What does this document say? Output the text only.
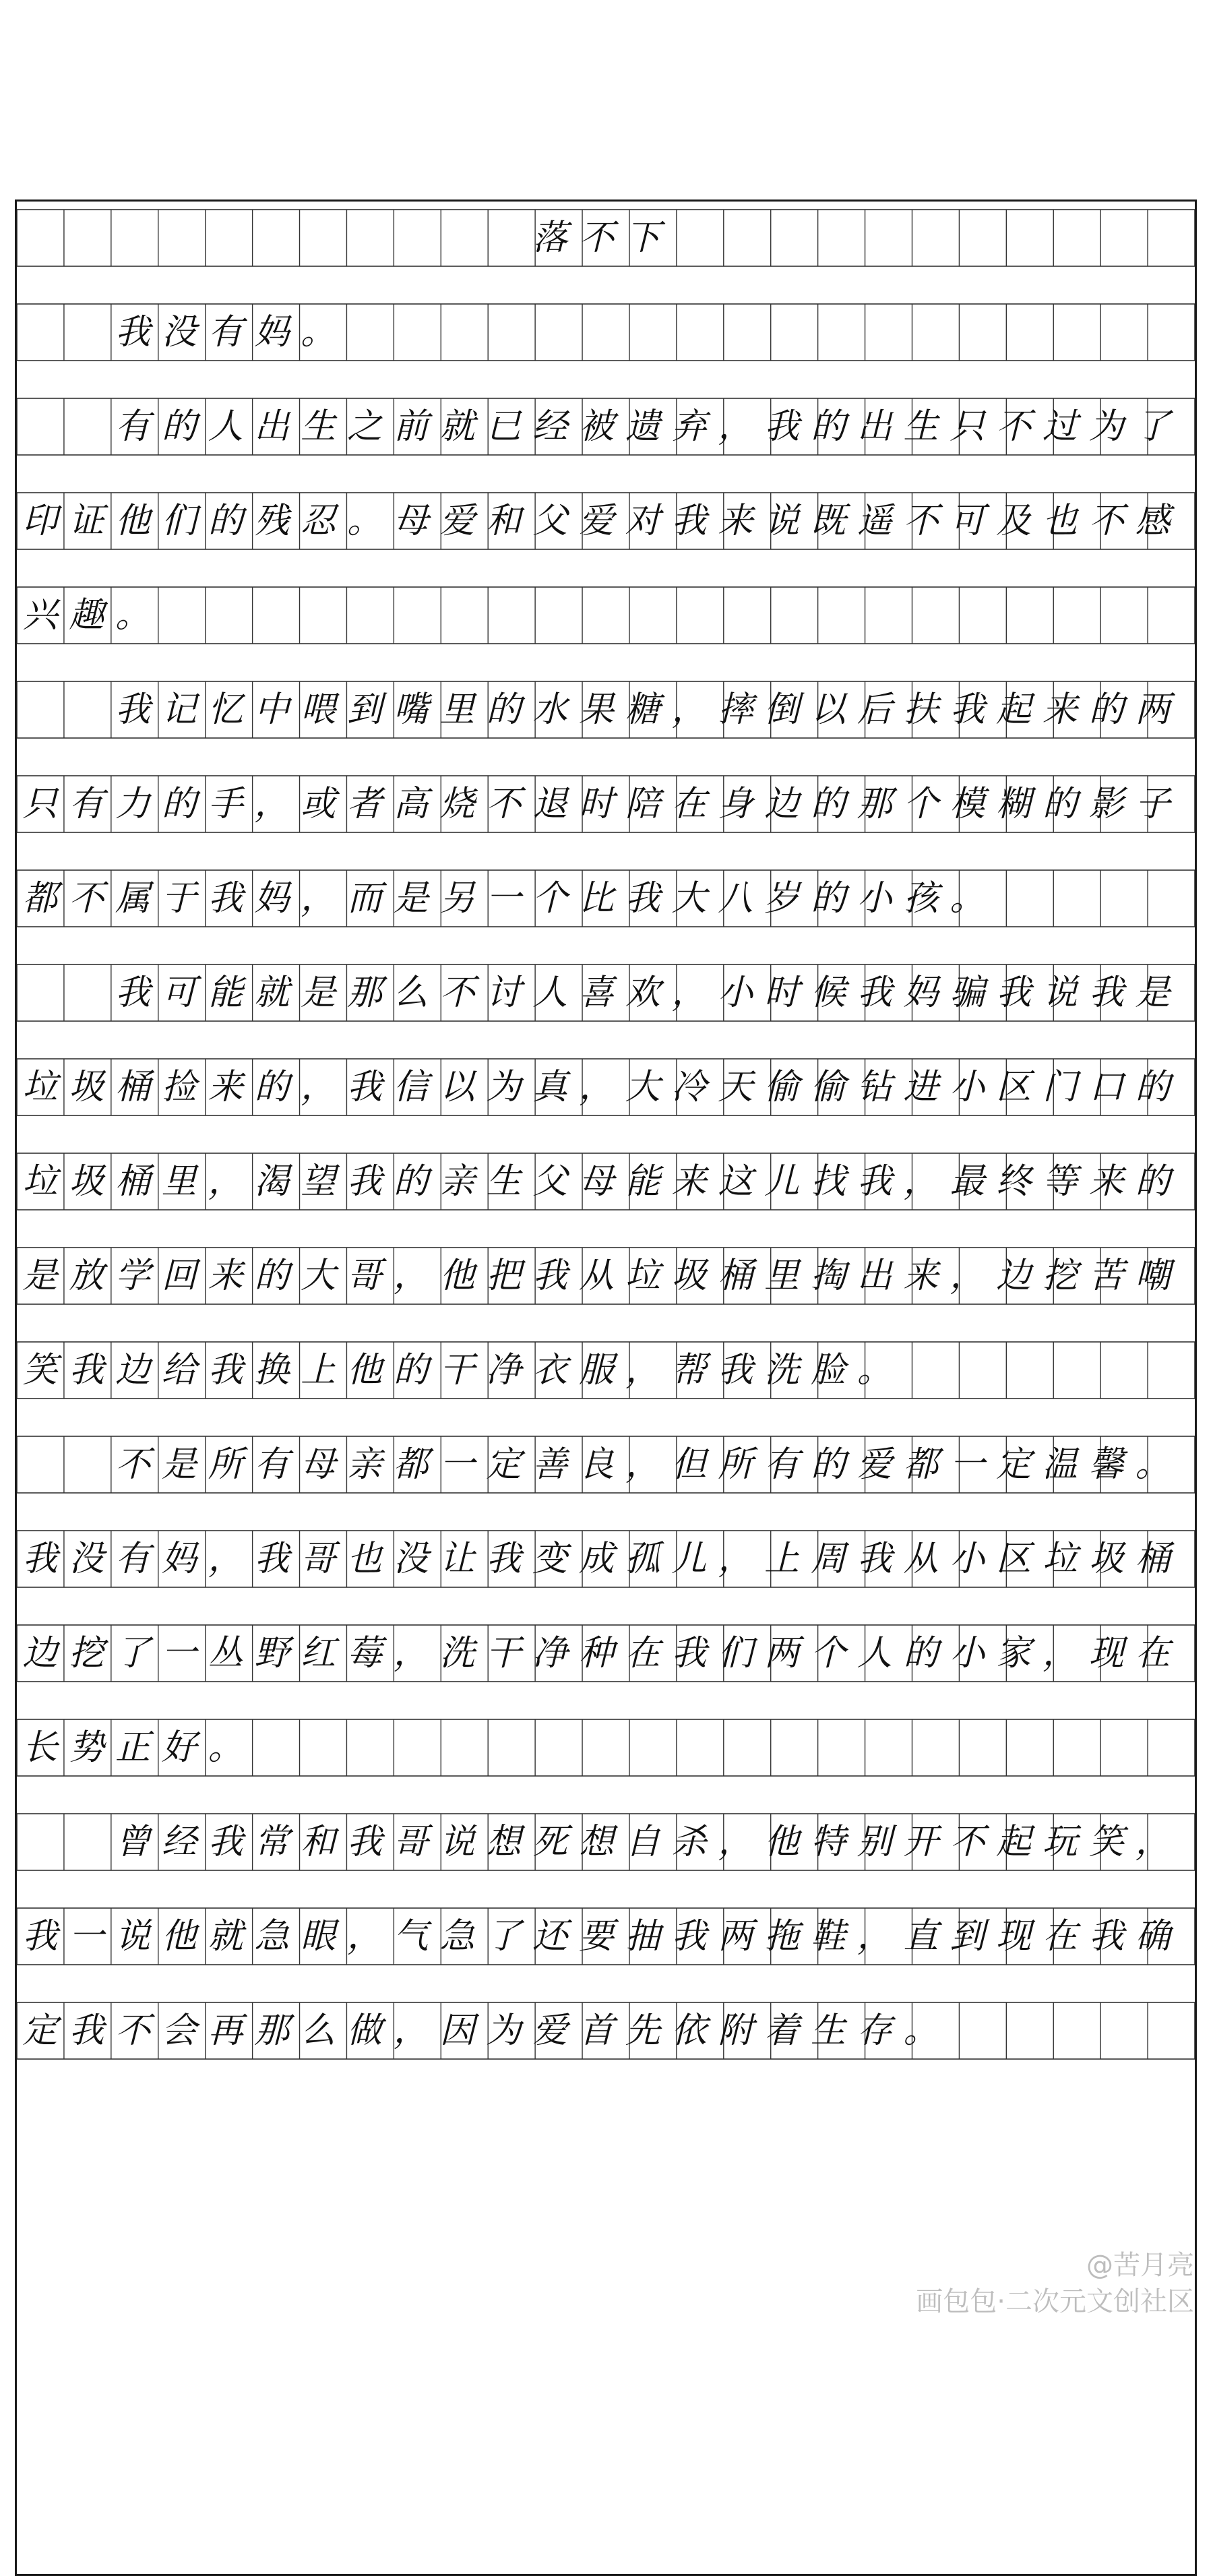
落 不 下
我 没 有 妈 。
有 的 人 出 生 之 前 就 已 经 被 遗 弃 ， 我 的 出 生 只 不 过 为 了
印 证 他 们 的 残 忍 。 母 爱 和 父 爱 对 我 来 说 既 遥 不 可 及 也 不 感
兴 趣 。
我 记 忆 中 喂 到 嘴 里 的 水 果 糖 ， 摔 倒 以 后 扶 我 起 来 的 两
只 有 力 的 手 ， 或 者 高 烧 不 退 时 陪 在 身 边 的 那 个 模 糊 的 影 子
都 不 属 于 我 妈 ， 而 是 另 一 个 比 我 大 八 岁 的 小 孩 。
我 可 能 就 是 那 么 不 讨 人 喜 欢 ， 小 时 候 我 妈 骗 我 说 我 是
垃 圾 桶 捡 来 的 ， 我 信 以 为 真 ， 大 冷 天 偷 偷 钻 进 小 区 门 口 的
垃 圾 桶 里 ， 渴 望 我 的 亲 生 父 母 能 来 这 儿 找 我 ， 最 终 等 来 的
是 放 学 回 来 的 大 哥 ， 他 把 我 从 垃 圾 桶 里 掏 出 来 ， 边 挖 苦 嘲
笑 我 边 给 我 换 上 他 的 干 净 衣 服 ， 帮 我 洗 脸 。
不 是 所 有 母 亲 都 一 定 善 良 ， 但 所 有 的 爱 都 一 定 温 馨 。
我 没 有 妈 ， 我 哥 也 没 让 我 变 成 孤 儿 ， 上 周 我 从 小 区 垃 圾 桶
边 挖 了 一 丛 野 红 莓 ， 洗 干 净 种 在 我 们 两 个 人 的 小 家 ， 现 在
长 势 正 好 。
曾 经 我 常 和 我 哥 说 想 死 想 自 杀 ， 他 特 别 开 不 起 玩 笑 ，
我 一 说 他 就 急 眼 ， 气 急 了 还 要 抽 我 两 拖 鞋 ， 直 到 现 在 我 确
定 我 不 会 再 那 么 做 ， 因 为 爱 首 先 依 附 着 生 存 。
@苦月亮
画包包·二次元文创社区
